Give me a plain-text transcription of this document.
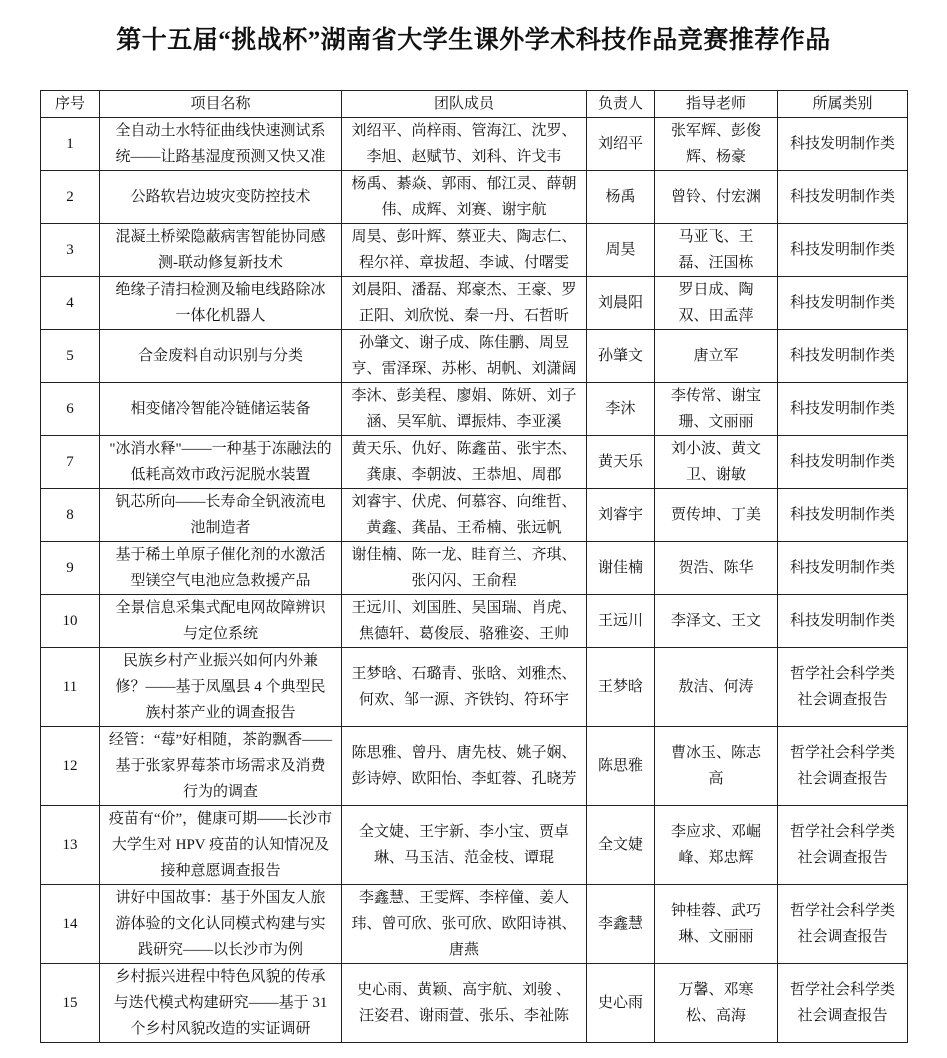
第十五届“挑战杯”湖南省大学生课外学术科技作品竞赛推荐作品
序号	项目名称	团队成员	负责人	指导老师	所属类别
1	全自动土水特征曲线快速测试系
统——让路基湿度预测又快又准	刘绍平、尚梓雨、管海江、沈罗、
李旭、赵赋节、刘科、许戈韦	刘绍平	张军辉、彭俊
辉、杨豪	科技发明制作类
2	公路软岩边坡灾变防控技术	杨禹、綦焱、郭雨、郁江灵、薛朝
伟、成辉、刘赛、谢宇航	杨禹	曾铃、付宏渊	科技发明制作类
3	混凝土桥梁隐蔽病害智能协同感
测-联动修复新技术	周昊、彭叶辉、蔡亚夫、陶志仁、
程尔祥、章拔超、李诚、付曙雯	周昊	马亚飞、王
磊、汪国栋	科技发明制作类
4	绝缘子清扫检测及输电线路除冰
一体化机器人	刘晨阳、潘磊、郑豪杰、王豪、罗
正阳、刘欣悦、秦一丹、石哲昕	刘晨阳	罗日成、陶
双、田孟萍	科技发明制作类
5	合金废料自动识别与分类	孙肇文、谢子成、陈佳鹏、周昱
亨、雷泽琛、苏彬、胡帆、刘潇阔	孙肇文	唐立军	科技发明制作类
6	相变储冷智能冷链储运装备	李沐、彭美程、廖娟、陈妍、刘子
涵、吴军航、谭振炜、李亚溪	李沐	李传常、谢宝
珊、文丽丽	科技发明制作类
7	"冰消水释"——一种基于冻融法的
低耗高效市政污泥脱水装置	黄天乐、仇好、陈鑫苗、张宇杰、
龚康、李朝波、王恭旭、周郡	黄天乐	刘小波、黄文
卫、谢敏	科技发明制作类
8	钒芯所向——长寿命全钒液流电
池制造者	刘睿宇、伏虎、何慕容、向维哲、
黄鑫、龚晶、王希楠、张远帆	刘睿宇	贾传坤、丁美	科技发明制作类
9	基于稀土单原子催化剂的水激活
型镁空气电池应急救援产品	谢佳楠、陈一龙、眭育兰、齐琪、
张闪闪、王俞程	谢佳楠	贺浩、陈华	科技发明制作类
10	全景信息采集式配电网故障辨识
与定位系统	王远川、刘国胜、吴国瑞、肖虎、
焦德轩、葛俊辰、骆雅姿、王帅	王远川	李泽文、王文	科技发明制作类
11	民族乡村产业振兴如何内外兼
修？——基于凤凰县 4 个典型民
族村茶产业的调查报告	王梦晗、石璐青、张晗、刘雅杰、
何欢、邹一源、齐铁钧、符环宇	王梦晗	敖洁、何涛	哲学社会科学类
社会调查报告
12	经管：“莓”好相随，茶韵飘香——
基于张家界莓茶市场需求及消费
行为的调查	陈思雅、曾丹、唐先枝、姚子娴、
彭诗婷、欧阳怡、李虹蓉、孔晓芳	陈思雅	曹冰玉、陈志
高	哲学社会科学类
社会调查报告
13	疫苗有“价”，健康可期——长沙市
大学生对 HPV 疫苗的认知情况及
接种意愿调查报告	全文婕、王宇新、李小宝、贾卓
琳、马玉洁、范金枝、谭琨	全文婕	李应求、邓崛
峰、郑忠辉	哲学社会科学类
社会调查报告
14	讲好中国故事：基于外国友人旅
游体验的文化认同模式构建与实
践研究——以长沙市为例	李鑫慧、王雯辉、李梓僮、姜人
玮、曾可欣、张可欣、欧阳诗祺、
唐燕	李鑫慧	钟桂蓉、武巧
琳、文丽丽	哲学社会科学类
社会调查报告
15	乡村振兴进程中特色风貌的传承
与迭代模式构建研究——基于 31
个乡村风貌改造的实证调研	史心雨、黄颖、高宇航、刘骏 、
汪姿君、谢雨萱、张乐、李祉陈	史心雨	万馨、邓寒
松、高海	哲学社会科学类
社会调查报告
